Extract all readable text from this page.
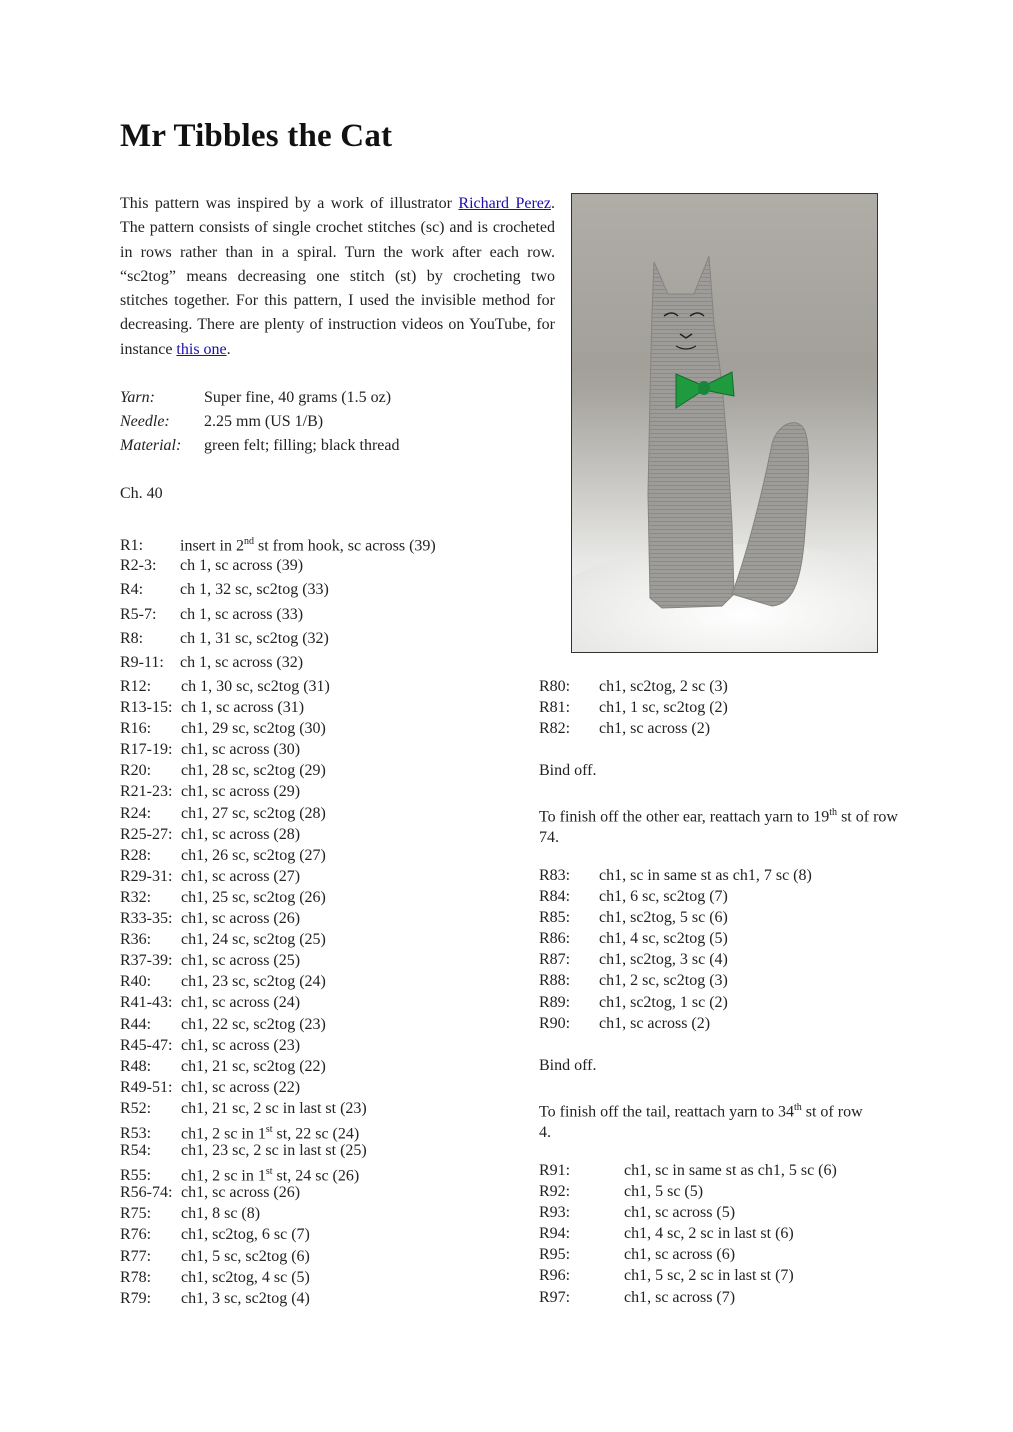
Mr Tibbles the Cat

This pattern was inspired by a work of illustrator Richard Perez. The pattern consists of single crochet stitches (sc) and is crocheted in rows rather than in a spiral. Turn the work after each row. “sc2tog” means decreasing one stitch (st) by crocheting two stitches together. For this pattern, I used the invisible method for decreasing. There are plenty of instruction videos on YouTube, for instance this one.

Yarn:	Super fine, 40 grams (1.5 oz)
Needle: 2.25 mm (US 1/B)
Material: green felt; filling; black thread
Ch. 40
R1: insert in 2nd st from hook, sc across (39)
R2-3: ch 1, sc across (39)
R4: ch 1, 32 sc, sc2tog (33)
R5-7: ch 1, sc across (33)
R8: ch 1, 31 sc, sc2tog (32)
R9-11: ch 1, sc across (32)
R12: ch 1, 30 sc, sc2tog (31)
R13-15: ch 1, sc across (31)
R16: ch1, 29 sc, sc2tog (30)
R17-19: ch1, sc across (30)
R20: ch1, 28 sc, sc2tog (29)
R21-23: ch1, sc across (29)
R24: ch1, 27 sc, sc2tog (28)
R25-27: ch1, sc across (28)
R28: ch1, 26 sc, sc2tog (27)
R29-31: ch1, sc across (27)
R32: ch1, 25 sc, sc2tog (26)
R33-35: ch1, sc across (26)
R36: ch1, 24 sc, sc2tog (25)
R37-39: ch1, sc across (25)
R40: ch1, 23 sc, sc2tog (24)
R41-43: ch1, sc across (24)
R44: ch1, 22 sc, sc2tog (23)
R45-47: ch1, sc across (23)
R48: ch1, 21 sc, sc2tog (22)
R49-51: ch1, sc across (22)
R52: ch1, 21 sc, 2 sc in last st (23)
R53: ch1, 2 sc in 1st st, 22 sc (24)
R54: ch1, 23 sc, 2 sc in last st (25)
R55: ch1, 2 sc in 1st st, 24 sc (26)
R56-74: ch1, sc across (26)
R75: ch1, 8 sc (8)
R76: ch1, sc2tog, 6 sc (7)
R77: ch1, 5 sc, sc2tog (6)
R78: ch1, sc2tog, 4 sc (5)
R79: ch1, 3 sc, sc2tog (4)
R80: ch1, sc2tog, 2 sc (3)
R81: ch1, 1 sc, sc2tog (2)
R82: ch1, sc across (2)
Bind off.

To finish off the other ear, reattach yarn to 19th st of row 74.

R83: ch1, sc in same st as ch1, 7 sc (8)
R84: ch1, 6 sc, sc2tog (7)
R85: ch1, sc2tog, 5 sc (6)
R86: ch1, 4 sc, sc2tog (5)
R87: ch1, sc2tog, 3 sc (4)
R88: ch1, 2 sc, sc2tog (3)
R89: ch1, sc2tog, 1 sc (2)
R90: ch1, sc across (2)
Bind off.

To finish off the tail, reattach yarn to 34th st of row 4.

R91:	ch1, sc in same st as ch1, 5 sc (6)
R92:	ch1, 5 sc (5)
R93:	ch1, sc across (5)
R94:	ch1, 4 sc, 2 sc in last st (6)
R95:	ch1, sc across (6)
R96:	ch1, 5 sc, 2 sc in last st (7)
R97:	ch1, sc across (7)
